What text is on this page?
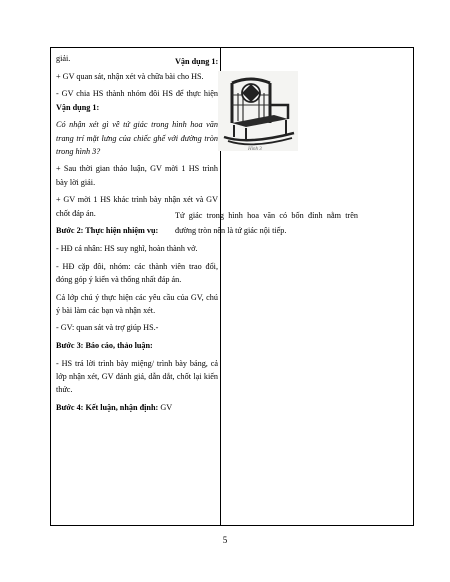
giải.

+ GV quan sát, nhận xét và chữa bài cho HS.

- GV chia HS thành nhóm đôi HS để thực hiện Vận dụng 1:

Có nhận xét gì về tứ giác trong hình hoa văn trang trí mặt lưng của chiếc ghế với đường tròn trong hình 3?

+ Sau thời gian thảo luận, GV mời 1 HS trình bày lời giải.

+ GV mời 1 HS khác trình bày nhận xét và GV chốt đáp án.

Bước 2: Thực hiện nhiệm vụ:

- HĐ cá nhân: HS suy nghĩ, hoàn thành vở.

- HĐ cặp đôi, nhóm: các thành viên trao đổi, đóng góp ý kiến và thống nhất đáp án.

Cả lớp chú ý thực hiện các yêu cầu của GV, chú ý bài làm các bạn và nhận xét.

- GV: quan sát và trợ giúp HS.-

Bước 3: Báo cáo, thảo luận:

- HS trả lời trình bày miệng/ trình bày bảng, cả lớp nhận xét, GV đánh giá, dẫn dắt, chốt lại kiến thức.

Bước 4: Kết luận, nhận định: GV

Vận dụng 1:

Hình 3
Tứ giác trong hình hoa văn có bốn đỉnh nằm trên đường tròn nên là tứ giác nội tiếp.
5
